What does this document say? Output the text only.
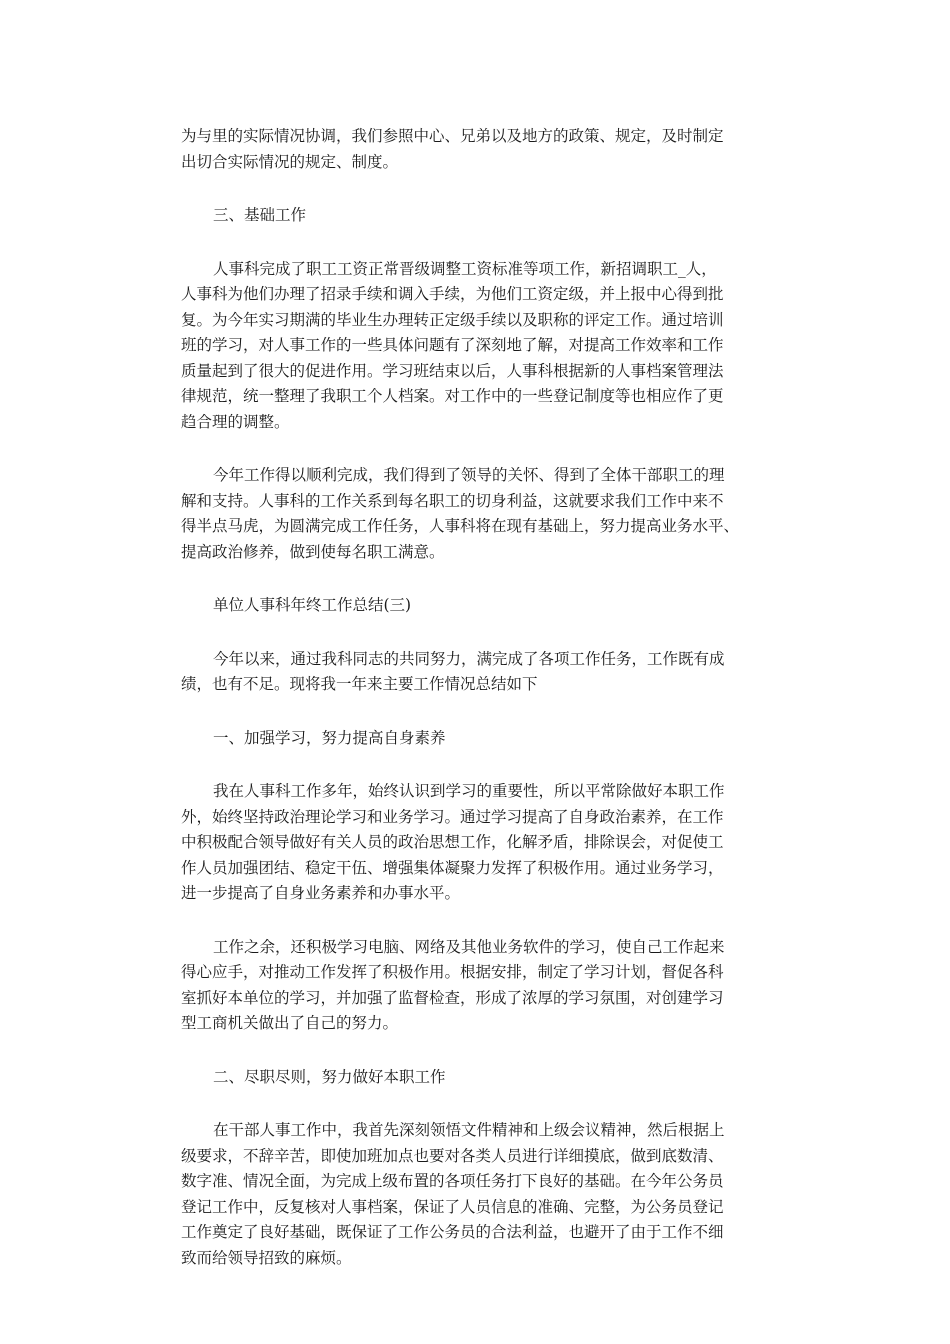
为与里的实际情况协调，我们参照中心、兄弟以及地方的政策、规定，及时制定
出切合实际情况的规定、制度。
三、基础工作
人事科完成了职工工资正常晋级调整工资标准等项工作，新招调职工_人，
人事科为他们办理了招录手续和调入手续，为他们工资定级，并上报中心得到批
复。为今年实习期满的毕业生办理转正定级手续以及职称的评定工作。通过培训
班的学习，对人事工作的一些具体问题有了深刻地了解，对提高工作效率和工作
质量起到了很大的促进作用。学习班结束以后，人事科根据新的人事档案管理法
律规范，统一整理了我职工个人档案。对工作中的一些登记制度等也相应作了更
趋合理的调整。
今年工作得以顺利完成，我们得到了领导的关怀、得到了全体干部职工的理
解和支持。人事科的工作关系到每名职工的切身利益，这就要求我们工作中来不
得半点马虎，为圆满完成工作任务，人事科将在现有基础上，努力提高业务水平、
提高政治修养，做到使每名职工满意。
单位人事科年终工作总结(三)
今年以来，通过我科同志的共同努力，满完成了各项工作任务，工作既有成
绩，也有不足。现将我一年来主要工作情况总结如下
一、加强学习，努力提高自身素养
我在人事科工作多年，始终认识到学习的重要性，所以平常除做好本职工作
外，始终坚持政治理论学习和业务学习。通过学习提高了自身政治素养，在工作
中积极配合领导做好有关人员的政治思想工作，化解矛盾，排除误会，对促使工
作人员加强团结、稳定干伍、增强集体凝聚力发挥了积极作用。通过业务学习，
进一步提高了自身业务素养和办事水平。
工作之余，还积极学习电脑、网络及其他业务软件的学习，使自己工作起来
得心应手，对推动工作发挥了积极作用。根据安排，制定了学习计划，督促各科
室抓好本单位的学习，并加强了监督检查，形成了浓厚的学习氛围，对创建学习
型工商机关做出了自己的努力。
二、尽职尽则，努力做好本职工作
在干部人事工作中，我首先深刻领悟文件精神和上级会议精神，然后根据上
级要求，不辞辛苦，即使加班加点也要对各类人员进行详细摸底，做到底数清、
数字准、情况全面，为完成上级布置的各项任务打下良好的基础。在今年公务员
登记工作中，反复核对人事档案，保证了人员信息的准确、完整，为公务员登记
工作奠定了良好基础，既保证了工作公务员的合法利益，也避开了由于工作不细
致而给领导招致的麻烦。
